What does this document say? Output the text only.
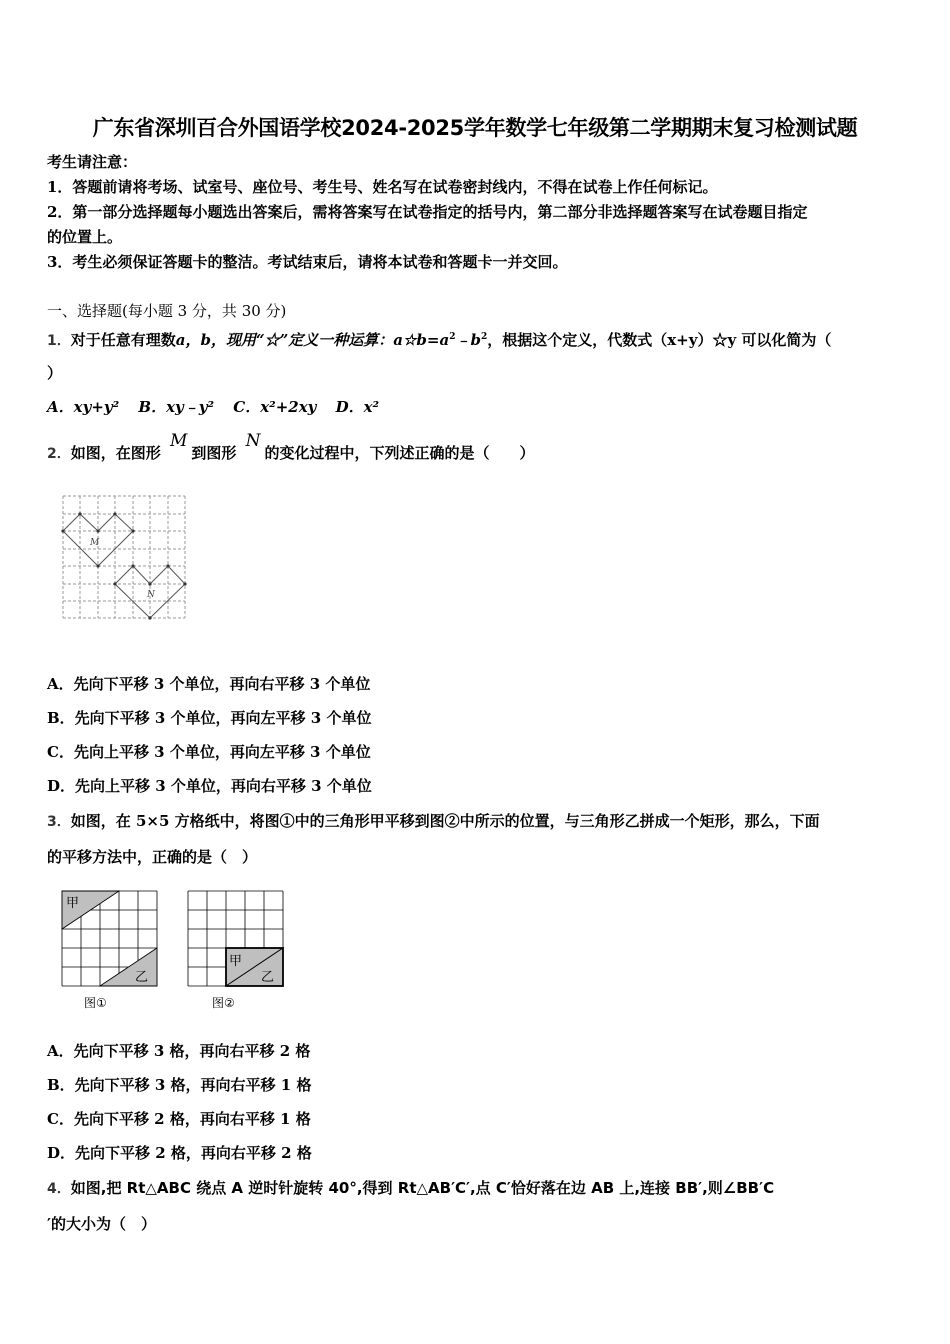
广东省深圳百合外国语学校2024-2025学年数学七年级第二学期期末复习检测试题
考生请注意：
1．答题前请将考场、试室号、座位号、考生号、姓名写在试卷密封线内，不得在试卷上作任何标记。
2．第一部分选择题每小题选出答案后，需将答案写在试卷指定的括号内，第二部分非选择题答案写在试卷题目指定
的位置上。
3．考生必须保证答题卡的整洁。考试结束后，请将本试卷和答题卡一并交回。
一、选择题(每小题 3 分，共 30 分)
1．对于任意有理数a，b，现用“☆”定义一种运算：$a☆b=a^2﹣b^2$，根据这个定义，代数式（x+y）☆y 可以化简为（
）
A．xy+y² B．xy﹣y² C．x²+2xy D．x²
2．如图，在图形 M到图形 N的变化过程中，下列述正确的是（　　）
M
N
A．先向下平移 3 个单位，再向右平移 3 个单位
B．先向下平移 3 个单位，再向左平移 3 个单位
C．先向上平移 3 个单位，再向左平移 3 个单位
D．先向上平移 3 个单位，再向右平移 3 个单位
3．如图，在 5×5 方格纸中，将图①中的三角形甲平移到图②中所示的位置，与三角形乙拼成一个矩形，那么，下面
的平移方法中，正确的是（　）
甲
乙
图①
甲
乙
图②
A．先向下平移 3 格，再向右平移 2 格
B．先向下平移 3 格，再向右平移 1 格
C．先向下平移 2 格，再向右平移 1 格
D．先向下平移 2 格，再向右平移 2 格
4．如图,把 Rt△ABC 绕点 A 逆时针旋转 40°,得到 Rt△AB′C′,点 C′恰好落在边 AB 上,连接 BB′,则∠BB′C
′的大小为（　）
